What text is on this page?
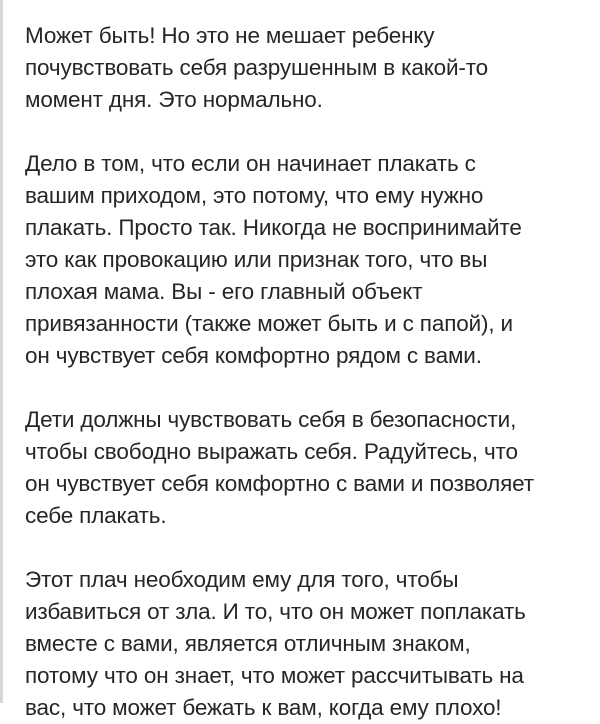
Может быть! Но это не мешает ребенку
почувствовать себя разрушенным в какой-то
момент дня. Это нормально.

Дело в том, что если он начинает плакать с
вашим приходом, это потому, что ему нужно
плакать. Просто так. Никогда не воспринимайте
это как провокацию или признак того, что вы
плохая мама. Вы - его главный объект
привязанности (также может быть и с папой), и
он чувствует себя комфортно рядом с вами.

Дети должны чувствовать себя в безопасности,
чтобы свободно выражать себя. Радуйтесь, что
он чувствует себя комфортно с вами и позволяет
себе плакать.

Этот плач необходим ему для того, чтобы
избавиться от зла. И то, что он может поплакать
вместе с вами, является отличным знаком,
потому что он знает, что может рассчитывать на
вас, что может бежать к вам, когда ему плохо!
